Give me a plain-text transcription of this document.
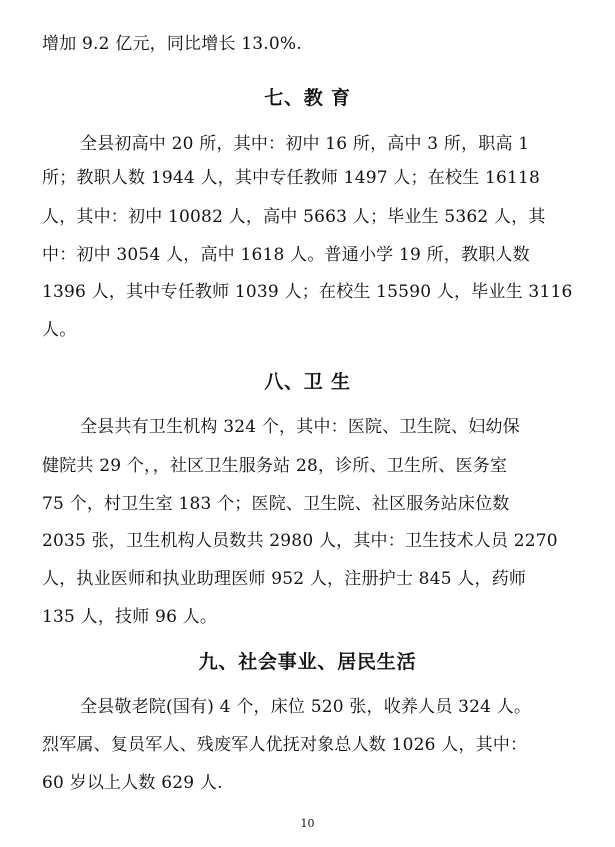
增加 9.2 亿元，同比增长 13.0%.
七、教 育
全县初高中 20 所，其中：初中 16 所，高中 3 所，职高 1
所；教职人数 1944 人，其中专任教师 1497 人；在校生 16118
人，其中：初中 10082 人，高中 5663 人；毕业生 5362 人，其
中：初中 3054 人，高中 1618 人。普通小学 19 所，教职人数
1396 人，其中专任教师 1039 人；在校生 15590 人，毕业生 3116
人。
八、卫 生
全县共有卫生机构 324 个，其中：医院、卫生院、妇幼保
健院共 29 个，，社区卫生服务站 28，诊所、卫生所、医务室
75 个，村卫生室 183 个；医院、卫生院、社区服务站床位数
2035 张，卫生机构人员数共 2980 人，其中：卫生技术人员 2270
人，执业医师和执业助理医师 952 人，注册护士 845 人，药师
135 人，技师 96 人。
九、社会事业、居民生活
全县敬老院(国有) 4 个，床位 520 张，收养人员 324 人。
烈军属、复员军人、残废军人优抚对象总人数 1026 人，其中：
60 岁以上人数 629 人.
10
